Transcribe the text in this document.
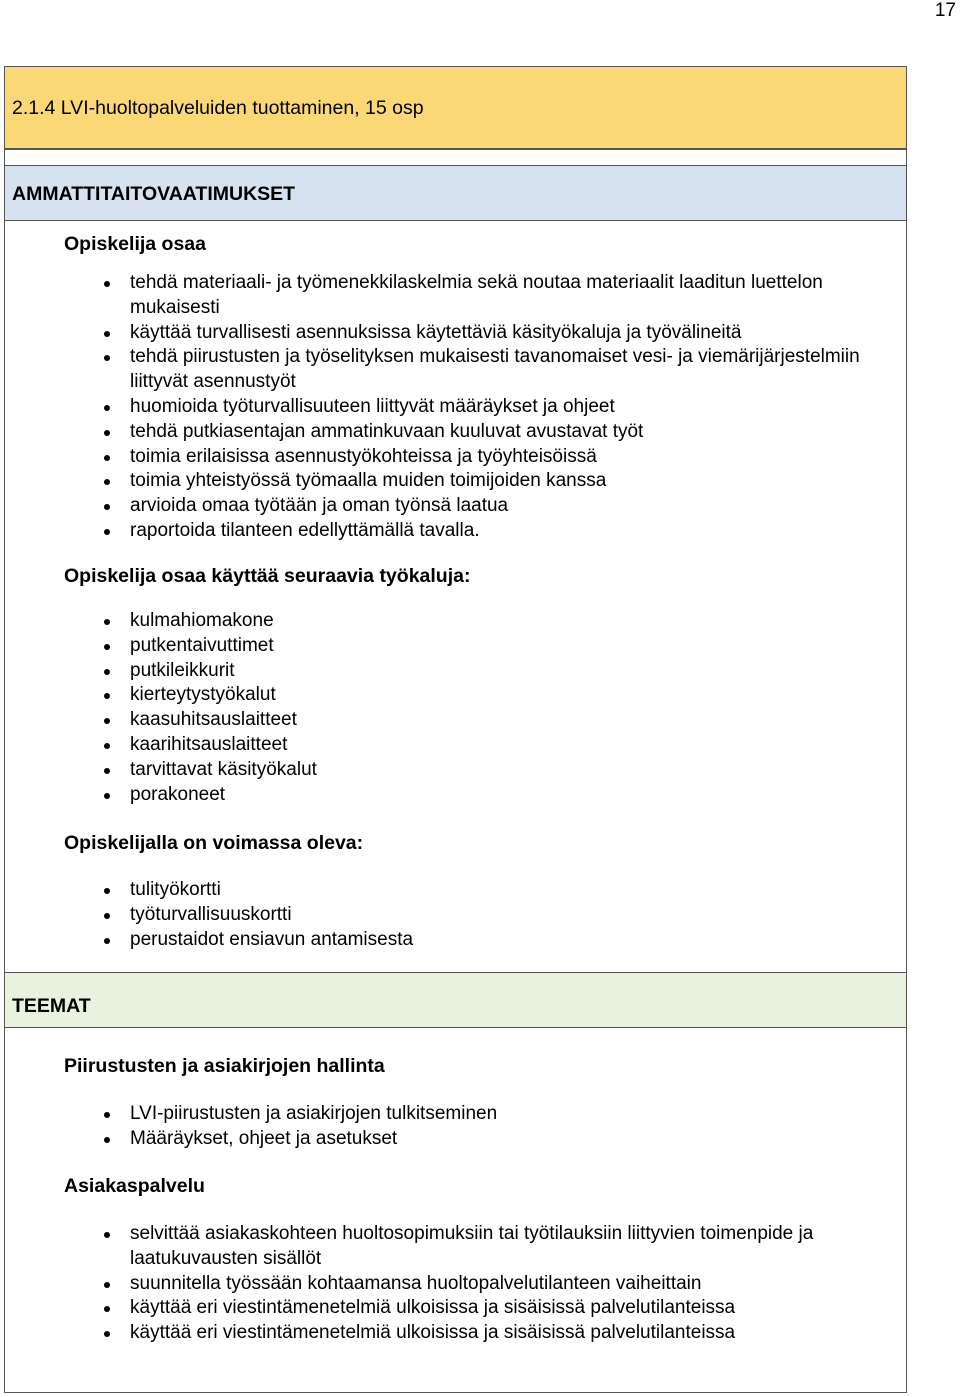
17
2.1.4 LVI-huoltopalveluiden tuottaminen, 15 osp
AMMATTITAITOVAATIMUKSET
Opiskelija osaa
tehdä materiaali- ja työmenekkilaskelmia sekä noutaa materiaalit laaditun luettelon mukaisesti
käyttää turvallisesti asennuksissa käytettäviä käsityökaluja ja työvälineitä
tehdä piirustusten ja työselityksen mukaisesti tavanomaiset vesi- ja viemärijärjestelmiin liittyvät asennustyöt
huomioida työturvallisuuteen liittyvät määräykset ja ohjeet
tehdä putkiasentajan ammatinkuvaan kuuluvat avustavat työt
toimia erilaisissa asennustyökohteissa ja työyhteisöissä
toimia yhteistyössä työmaalla muiden toimijoiden kanssa
arvioida omaa työtään ja oman työnsä laatua
raportoida tilanteen edellyttämällä tavalla.
Opiskelija osaa käyttää seuraavia työkaluja:
kulmahiomakone
putkentaivuttimet
putkileikkurit
kierteytystyökalut
kaasuhitsauslaitteet
kaarihitsauslaitteet
tarvittavat käsityökalut
porakoneet
Opiskelijalla on voimassa oleva:
tulityökortti
työturvallisuuskortti
perustaidot ensiavun antamisesta
TEEMAT
Piirustusten ja asiakirjojen hallinta
LVI-piirustusten ja asiakirjojen tulkitseminen
Määräykset, ohjeet ja asetukset
Asiakaspalvelu
selvittää asiakaskohteen huoltosopimuksiin tai työtilauksiin liittyvien toimenpide ja laatukuvausten sisällöt
suunnitella työssään kohtaamansa huoltopalvelutilanteen vaiheittain
käyttää eri viestintämenetelmiä ulkoisissa ja sisäisissä palvelutilanteissa
käyttää eri viestintämenetelmiä ulkoisissa ja sisäisissä palvelutilanteissa
